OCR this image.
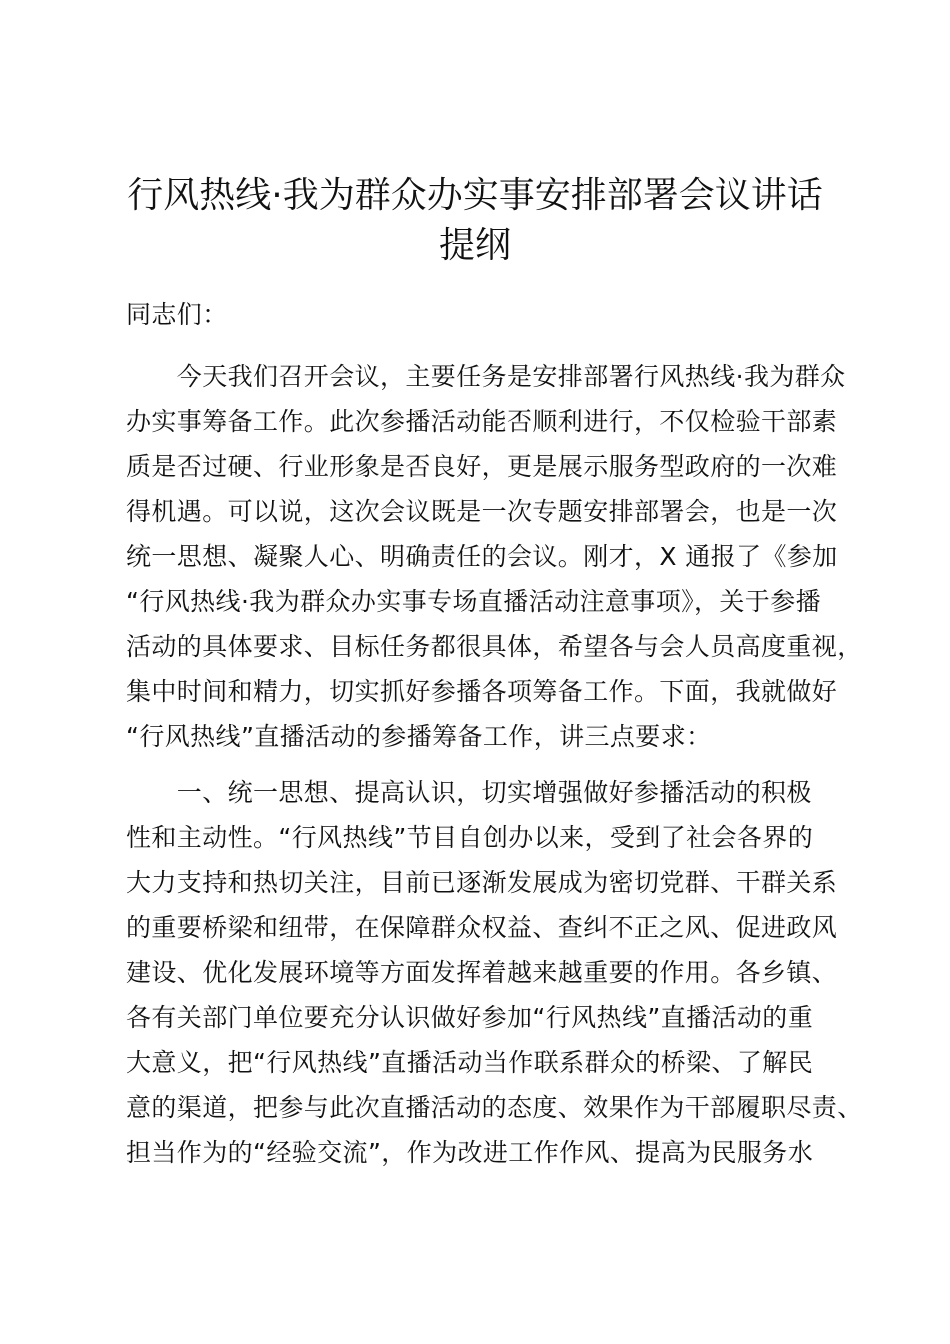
行风热线·我为群众办实事安排部署会议讲话
提纲
同志们：
　　今天我们召开会议，主要任务是安排部署行风热线·我为群众
办实事筹备工作。此次参播活动能否顺利进行，不仅检验干部素
质是否过硬、行业形象是否良好，更是展示服务型政府的一次难
得机遇。可以说，这次会议既是一次专题安排部署会，也是一次
统一思想、凝聚人心、明确责任的会议。刚才，X 通报了《参加
“行风热线·我为群众办实事专场直播活动注意事项》，关于参播
活动的具体要求、目标任务都很具体，希望各与会人员高度重视，
集中时间和精力，切实抓好参播各项筹备工作。下面，我就做好
“行风热线”直播活动的参播筹备工作，讲三点要求：
　　一、统一思想、提高认识，切实增强做好参播活动的积极
性和主动性。“行风热线”节目自创办以来，受到了社会各界的
大力支持和热切关注，目前已逐渐发展成为密切党群、干群关系
的重要桥梁和纽带，在保障群众权益、查纠不正之风、促进政风
建设、优化发展环境等方面发挥着越来越重要的作用。各乡镇、
各有关部门单位要充分认识做好参加“行风热线”直播活动的重
大意义，把“行风热线”直播活动当作联系群众的桥梁、了解民
意的渠道，把参与此次直播活动的态度、效果作为干部履职尽责、
担当作为的“经验交流”，作为改进工作作风、提高为民服务水
